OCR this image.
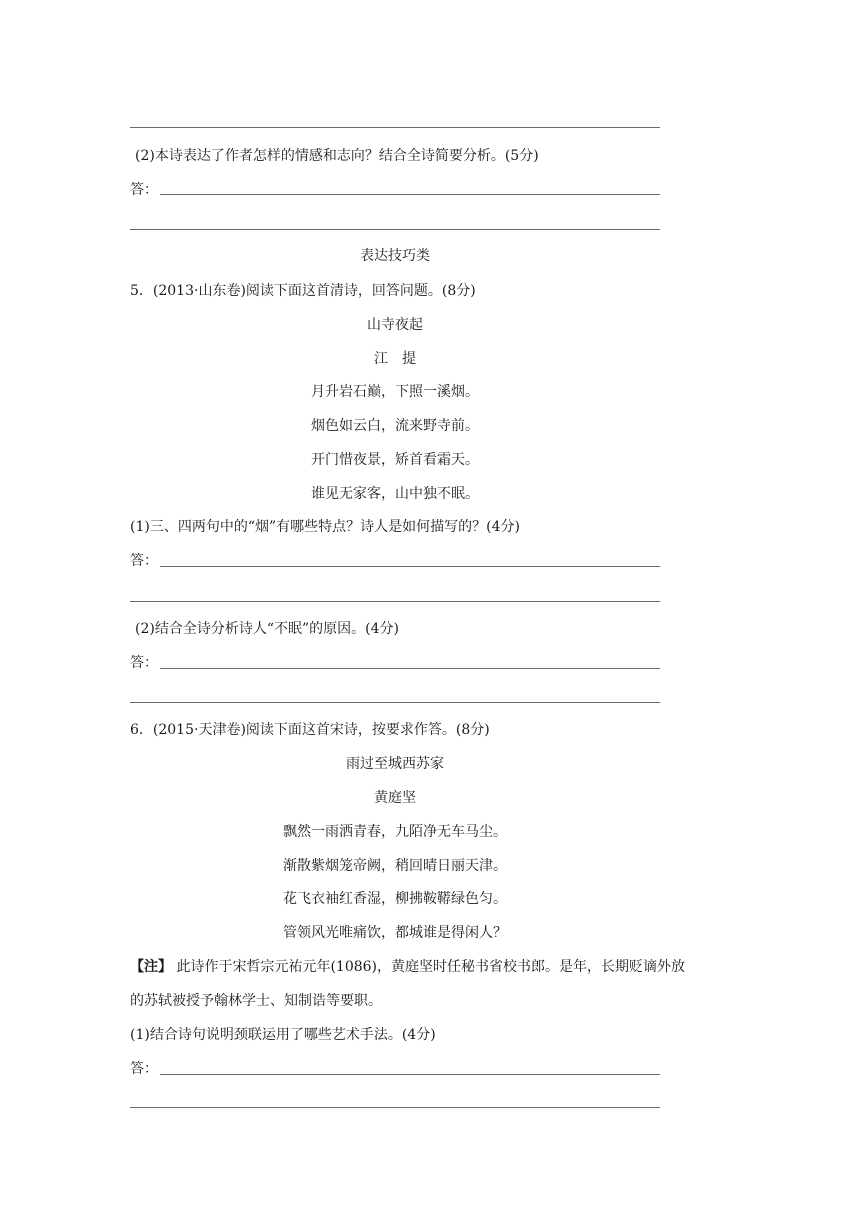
(2)本诗表达了作者怎样的情感和志向？结合全诗简要分析。(5分)
答：
表达技巧类
5．(2013·山东卷)阅读下面这首清诗，回答问题。(8分)
山寺夜起
江　提
月升岩石巅，下照一溪烟。
烟色如云白，流来野寺前。
开门惜夜景，矫首看霜天。
谁见无家客，山中独不眠。
(1)三、四两句中的“烟”有哪些特点？诗人是如何描写的？(4分)
答：
(2)结合全诗分析诗人“不眠”的原因。(4分)
答：
6．(2015·天津卷)阅读下面这首宋诗，按要求作答。(8分)
雨过至城西苏家
黄庭坚
飘然一雨洒青春，九陌净无车马尘。
渐散紫烟笼帝阙，稍回晴日丽天津。
花飞衣袖红香湿，柳拂鞍鞯绿色匀。
管领风光唯痛饮，都城谁是得闲人？
【注】 此诗作于宋哲宗元祐元年(1086)，黄庭坚时任秘书省校书郎。是年，长期贬谪外放
的苏轼被授予翰林学士、知制诰等要职。
(1)结合诗句说明颈联运用了哪些艺术手法。(4分)
答：
